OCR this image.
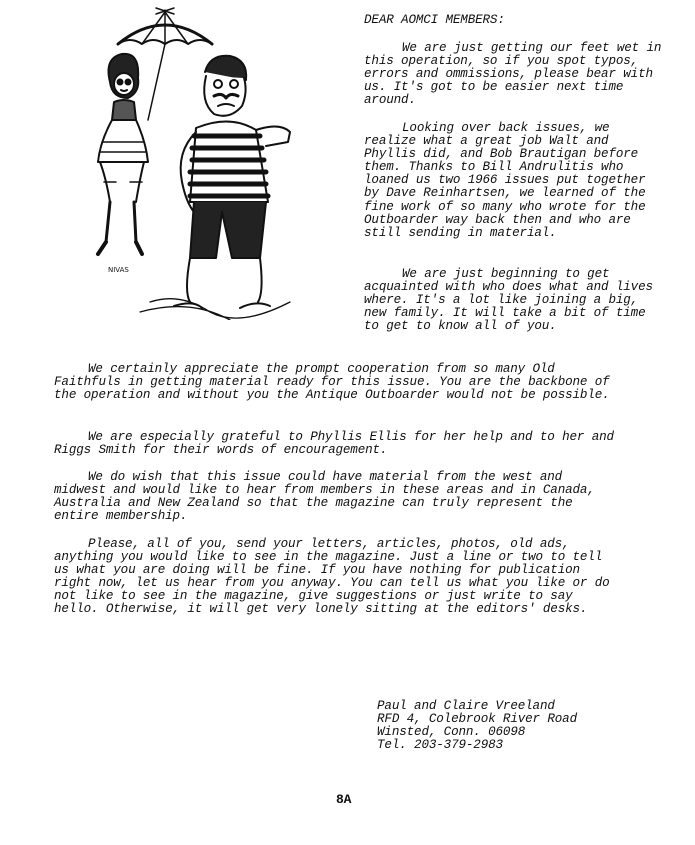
NIVAS
DEAR AOMCI MEMBERS:

We are just getting our feet wet in this operation, so if you spot typos, errors and ommissions, please bear with us. It's got to be easier next time around.

Looking over back issues, we realize what a great job Walt and Phyllis did, and Bob Brautigan before them. Thanks to Bill Andrulitis who loaned us two 1966 issues put together by Dave Reinhartsen, we learned of the fine work of so many who wrote for the Outboarder way back then and who are still sending in material.

We are just beginning to get acquainted with who does what and lives where. It's a lot like joining a big, new family. It will take a bit of time to get to know all of you.

We certainly appreciate the prompt cooperation from so many Old Faithfuls in getting material ready for this issue. You are the backbone of the operation and without you the Antique Outboarder would not be possible.

We are especially grateful to Phyllis Ellis for her help and to her and Riggs Smith for their words of encouragement.

We do wish that this issue could have material from the west and midwest and would like to hear from members in these areas and in Canada, Australia and New Zealand so that the magazine can truly represent the entire membership.

Please, all of you, send your letters, articles, photos, old ads, anything you would like to see in the magazine. Just a line or two to tell us what you are doing will be fine. If you have nothing for publication right now, let us hear from you anyway. You can tell us what you like or do not like to see in the magazine, give suggestions or just write to say hello. Otherwise, it will get very lonely sitting at the editors' desks.

Paul and Claire Vreeland
RFD 4, Colebrook River Road
Winsted, Conn. 06098
Tel. 203-379-2983
8A
